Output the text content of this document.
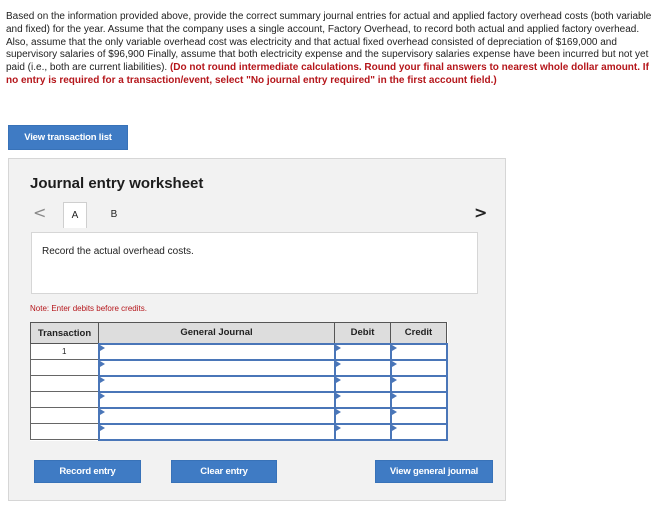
Based on the information provided above, provide the correct summary journal entries for actual and applied factory overhead costs (both variable and fixed) for the year. Assume that the company uses a single account, Factory Overhead, to record both actual and applied factory overhead. Also, assume that the only variable overhead cost was electricity and that actual fixed overhead consisted of depreciation of $169,000 and supervisory salaries of $96,900 Finally, assume that both electricity expense and the supervisory salaries expense have been incurred but not yet paid (i.e., both are current liabilities). (Do not round intermediate calculations. Round your final answers to nearest whole dollar amount. If no entry is required for a transaction/event, select "No journal entry required" in the first account field.)
View transaction list
Journal entry worksheet
<	A	B	>
Record the actual overhead costs.
Note: Enter debits before credits.
Transaction	General Journal	Debit	Credit
1			

Record entry	Clear entry	View general journal
